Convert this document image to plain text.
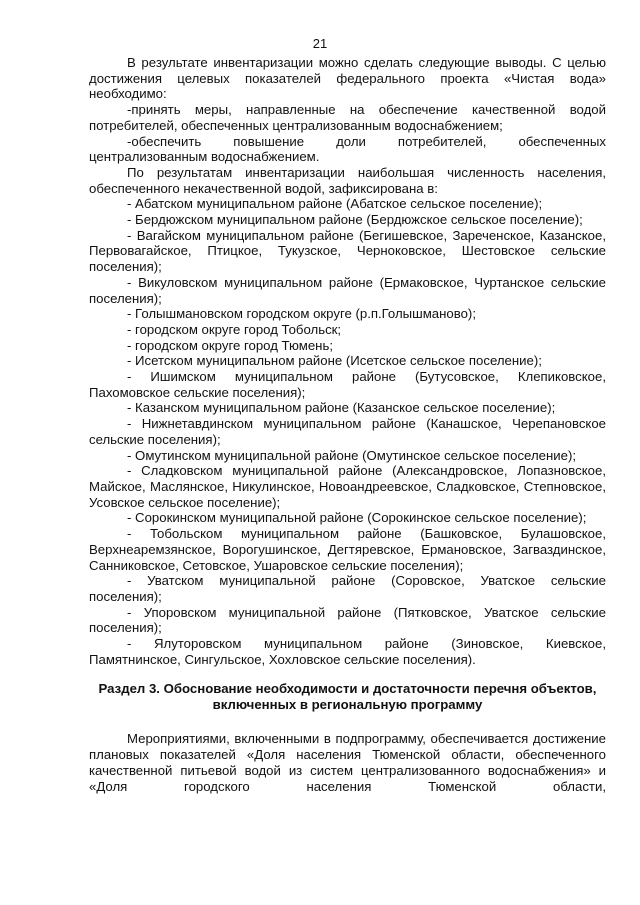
21

В результате инвентаризации можно сделать следующие выводы. С целью достижения целевых показателей федерального проекта «Чистая вода» необходимо:

-принять меры, направленные на обеспечение качественной водой потребителей, обеспеченных централизованным водоснабжением;

-обеспечить повышение доли потребителей, обеспеченных централизованным водоснабжением.

По результатам инвентаризации наибольшая численность населения, обеспеченного некачественной водой, зафиксирована в:

- Абатском муниципальном районе (Абатское сельское поселение);

- Бердюжском муниципальном районе (Бердюжское сельское поселение);

- Вагайском муниципальном районе (Бегишевское, Зареченское, Казанское, Первовагайское, Птицкое, Тукузское, Черноковское, Шестовское сельские поселения);

- Викуловском муниципальном районе (Ермаковское, Чуртанское сельские поселения);

- Голышмановском городском округе (р.п.Голышманово);

- городском округе город Тобольск;

- городском округе город Тюмень;

- Исетском муниципальном районе (Исетское сельское поселение);

- Ишимском муниципальном районе (Бутусовское, Клепиковское, Пахомовское сельские поселения);

- Казанском муниципальном районе (Казанское сельское поселение);

- Нижнетавдинском муниципальном районе (Канашское, Черепановское сельские поселения);

- Омутинском муниципальной районе (Омутинское сельское поселение);

- Сладковском муниципальной районе (Александровское, Лопазновское, Майское, Маслянское, Никулинское, Новоандреевское, Сладковское, Степновское, Усовское сельское поселение);

- Сорокинском муниципальной районе (Сорокинское сельское поселение);

- Тобольском муниципальном районе (Башковское, Булашовское, Верхнеаремзянское, Ворогушинское, Дегтяревское, Ермановское, Загваздинское, Санниковское, Сетовское, Ушаровское сельские поселения);

- Уватском муниципальной районе (Соровское, Уватское сельские поселения);

- Упоровском муниципальной районе (Пятковское, Уватское сельские поселения);

- Ялуторовском муниципальном районе (Зиновское, Киевское, Памятнинское, Сингульское, Хохловское сельские поселения).

Раздел 3. Обоснование необходимости и достаточности перечня объектов, включенных в региональную программу

Мероприятиями, включенными в подпрограмму, обеспечивается достижение плановых показателей «Доля населения Тюменской области, обеспеченного качественной питьевой водой из систем централизованного водоснабжения» и «Доля городского населения Тюменской области,
